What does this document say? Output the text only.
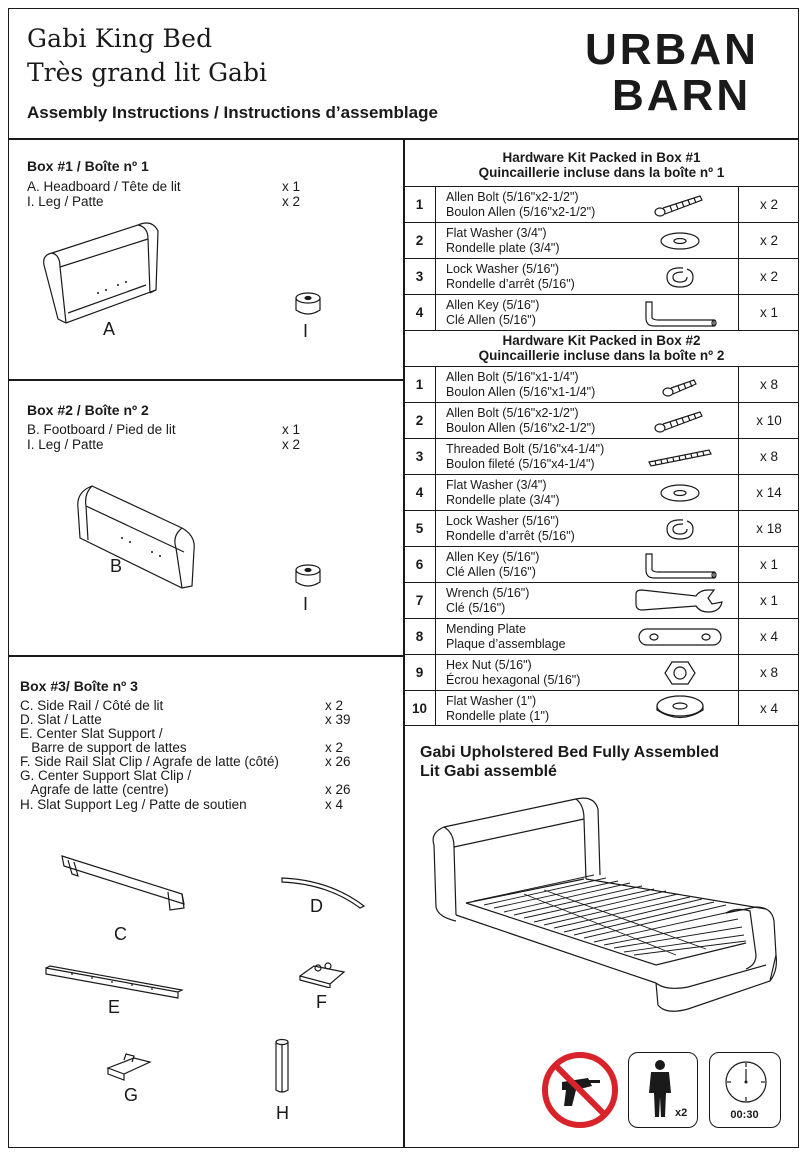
Gabi King Bed
Très grand lit Gabi
Assembly Instructions / Instructions d’assemblage
URBAN
BARN
Box #1 / Boîte nº 1
A. Headboard / Tête de lit	x 1
I. Leg / Patte	x 2
A	I
Box #2 / Boîte nº 2
B. Footboard / Pied de lit	x 1
I. Leg / Patte	x 2
B
I
Box #3/ Boîte nº 3
C. Side Rail / Côté de lit	x 2
D. Slat / Latte	x 39
E. Center Slat Support /
Barre de support de lattes	x 2
F. Side Rail Slat Clip / Agrafe de latte (côté)	x 26
G. Center Support Slat Clip /
Agrafe de latte (centre)	x 26
H. Slat Support Leg / Patte de soutien	x 4
C
D
E	F
G
H
Hardware Kit Packed in Box #1
Quincaillerie incluse dans la boîte nº 1
1	Allen Bolt (5/16"x2-1/2")
Boulon Allen (5/16"x2-1/2")	x 2
2	Flat Washer (3/4")
Rondelle plate (3/4")	x 2
3	Lock Washer (5/16")
Rondelle d’arrêt (5/16")	x 2
4	Allen Key (5/16")
Clé Allen (5/16")	x 1
Hardware Kit Packed in Box #2
Quincaillerie incluse dans la boîte nº 2
1	Allen Bolt (5/16"x1-1/4")
Boulon Allen (5/16"x1-1/4")	x 8
2	Allen Bolt (5/16"x2-1/2")
Boulon Allen (5/16"x2-1/2")	x 10
3	Threaded Bolt (5/16"x4-1/4")
Boulon fileté (5/16"x4-1/4")	x 8
4	Flat Washer (3/4")
Rondelle plate (3/4")	x 14
5	Lock Washer (5/16")
Rondelle d’arrêt (5/16")	x 18
6	Allen Key (5/16")
Clé Allen (5/16")	x 1
7	Wrench (5/16")
Clé (5/16")	x 1
8	Mending Plate
Plaque d’assemblage	x 4
9	Hex Nut (5/16")
Écrou hexagonal (5/16")	x 8
10	Flat Washer (1")
Rondelle plate (1")
x 4
Gabi Upholstered Bed Fully Assembled
Lit Gabi assemblé
x2	00:30
